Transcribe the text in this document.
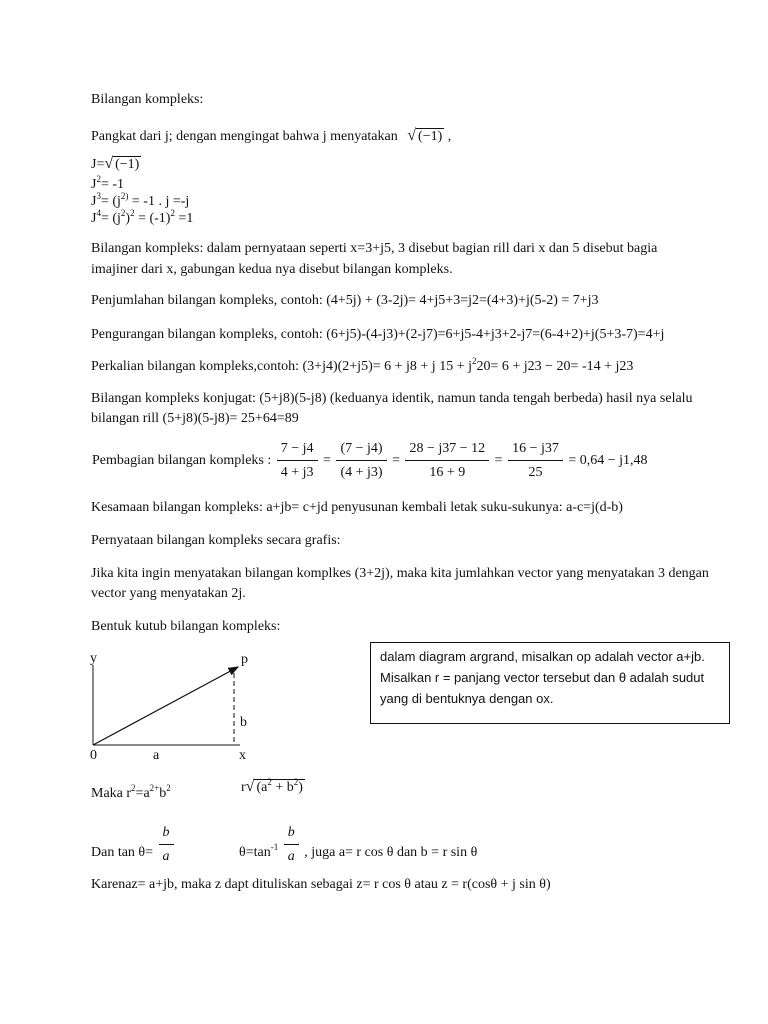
Bilangan kompleks:
Pangkat dari j; dengan mengingat bahwa j menyatakan √ (−1) ,
J=√ (−1)
$J^2= -1$
$J^3= (j^{2)} = -1$ . j =-j
$J^4= (j^2)^2 = (-1)^2 =1$
Bilangan kompleks: dalam pernyataan seperti x=3+j5, 3 disebut bagian rill dari x dan 5 disebut bagia
imajiner dari x, gabungan kedua nya disebut bilangan kompleks.
Penjumlahan bilangan kompleks, contoh: (4+5j) + (3-2j)= 4+j5+3=j2=(4+3)+j(5-2) = 7+j3
Pengurangan bilangan kompleks, contoh: (6+j5)-(4-j3)+(2-j7)=6+j5-4+j3+2-j7=(6-4+2)+j(5+3-7)=4+j
Perkalian bilangan kompleks,contoh: (3+j4)(2+j5)= 6 + j8 + j $15 + j^220= 6 + j23 - 20= -14 + j23$
Bilangan kompleks konjugat: (5+j8)(5-j8) (keduanya identik, namun tanda tengah berbeda) hasil nya selalu
bilangan rill (5+j8)(5-j8)= 25+64=89
Pembagian bilangan kompleks : $\frac{7 - j4}{4 + j3} = \frac{(7 - j4)}{(4 + j3)} = \frac{28 - j37 - 12}{16 + 9} = \frac{16 - j37}{25} = 0,64 - j1,48$
Kesamaan bilangan kompleks: a+jb= c+jd penyusunan kembali letak suku-sukunya: a-c=j(d-b)
Pernyataan bilangan kompleks secara grafis:
Jika kita ingin menyatakan bilangan komplkes (3+2j), maka kita jumlahkan vector yang menyatakan 3 dengan
vector yang menyatakan 2j.
Bentuk kutub bilangan kompleks:
y	p
b
0	a	x
dalam diagram argrand, misalkan op adalah vector a+jb.
Misalkan r = panjang vector tersebut dan θ adalah sudut
yang di bentuknya dengan ox.
Maka $r^2=a^{2+}b^2$	r√ $(a^2 + b^2)$
Dan $\tan \theta= \frac{b}{a}$	$\theta=\tan^{-1} \frac{b}{a}$ , juga a= r cos θ dan b = r sin θ
Karenaz= a+jb, maka z dapt dituliskan sebagai z= r cos θ atau z = r(cosθ + j sin θ)
